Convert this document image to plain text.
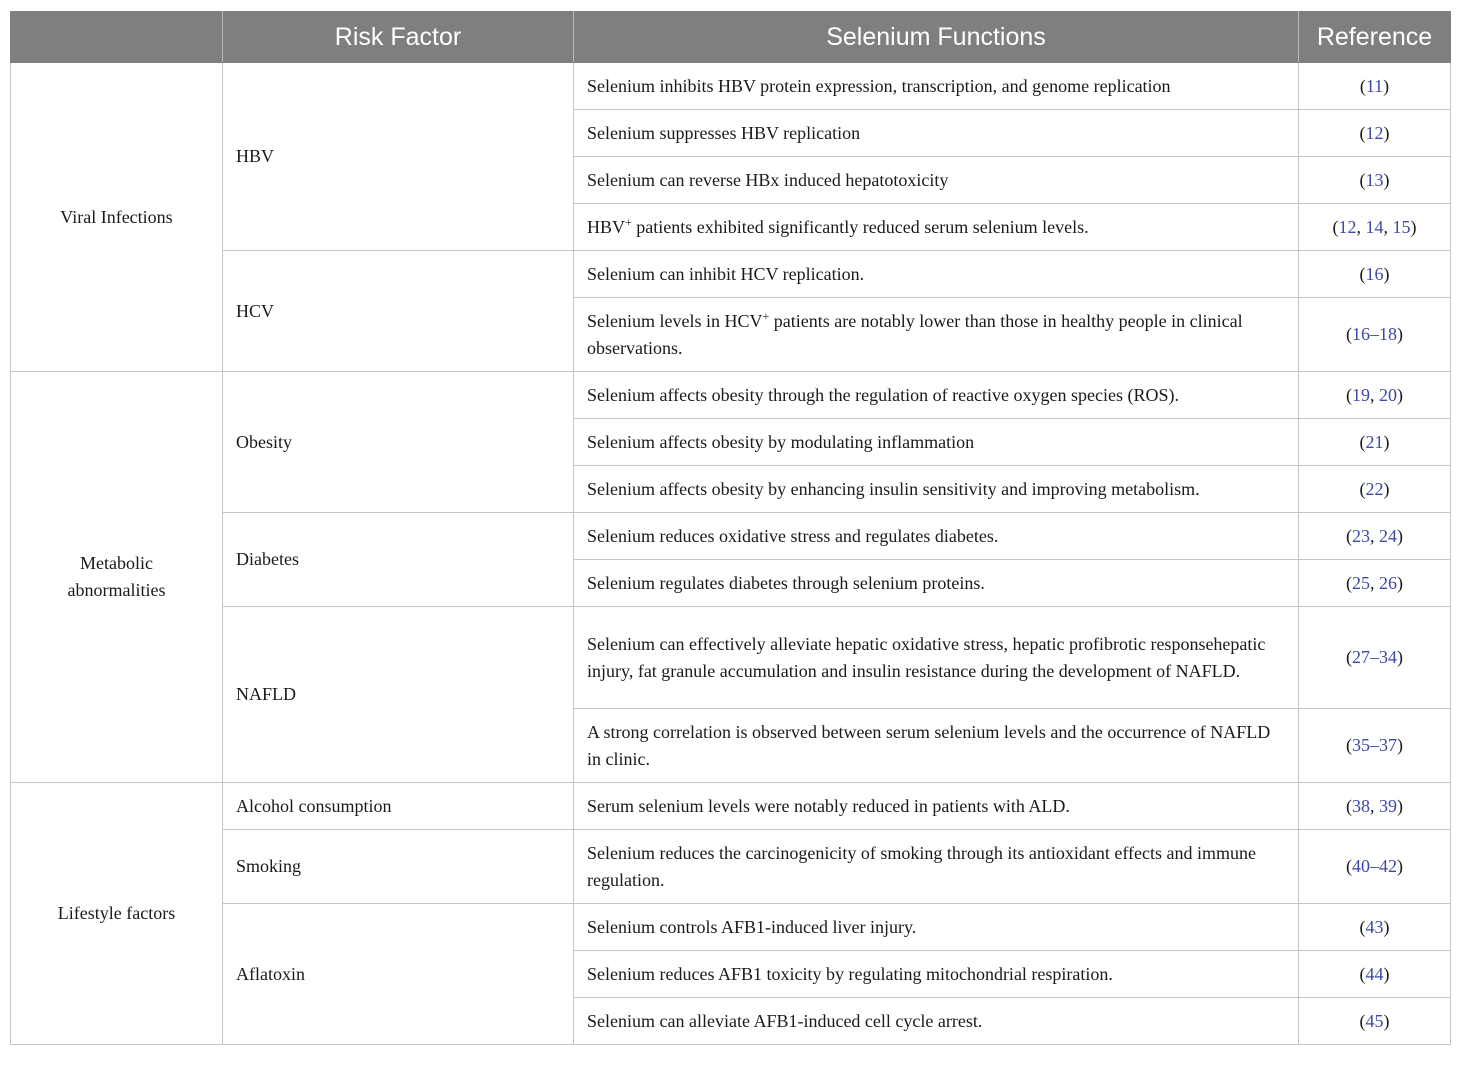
	Risk Factor	Selenium Functions	Reference
Viral Infections	HBV	Selenium inhibits HBV protein expression, transcription, and genome replication	(11)
		Selenium suppresses HBV replication	(12)
		Selenium can reverse HBx induced hepatotoxicity	(13)
		HBV+ patients exhibited significantly reduced serum selenium levels.	(12, 14, 15)
	HCV	Selenium can inhibit HCV replication.	(16)
		Selenium levels in HCV+ patients are notably lower than those in healthy people in clinical observations.	(16–18)
Metabolic abnormalities	Obesity	Selenium affects obesity through the regulation of reactive oxygen species (ROS).	(19, 20)
		Selenium affects obesity by modulating inflammation	(21)
		Selenium affects obesity by enhancing insulin sensitivity and improving metabolism.	(22)
	Diabetes	Selenium reduces oxidative stress and regulates diabetes.	(23, 24)
		Selenium regulates diabetes through selenium proteins.	(25, 26)
	NAFLD	Selenium can effectively alleviate hepatic oxidative stress, hepatic profibrotic responsehepatic injury, fat granule accumulation and insulin resistance during the development of NAFLD.	(27–34)
		A strong correlation is observed between serum selenium levels and the occurrence of NAFLD in clinic.	(35–37)
Lifestyle factors	Alcohol consumption	Serum selenium levels were notably reduced in patients with ALD.	(38, 39)
	Smoking	Selenium reduces the carcinogenicity of smoking through its antioxidant effects and immune regulation.	(40–42)
	Aflatoxin	Selenium controls AFB1-induced liver injury.	(43)
		Selenium reduces AFB1 toxicity by regulating mitochondrial respiration.	(44)
		Selenium can alleviate AFB1-induced cell cycle arrest.	(45)
